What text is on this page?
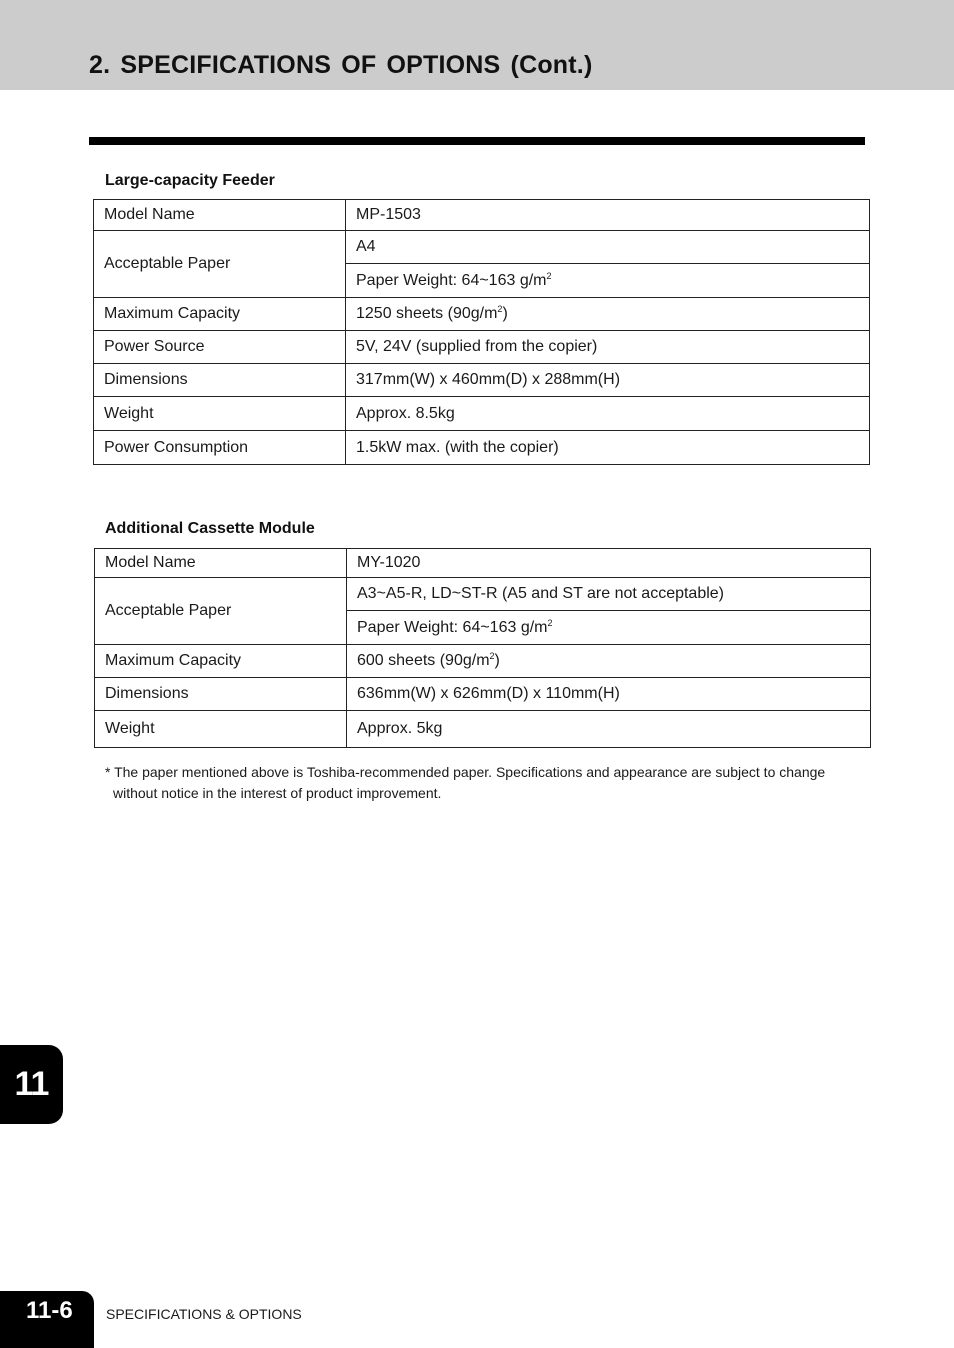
2. SPECIFICATIONS OF OPTIONS (Cont.)
Large-capacity Feeder
Model Name	MP-1503
Acceptable Paper	A4
	Paper Weight: 64~163 $g/m^2$
Maximum Capacity	1250 sheets $(90g/m^2)$
Power Source	5V, 24V (supplied from the copier)
Dimensions	317mm(W) x 460mm(D) x 288mm(H)
Weight	Approx. 8.5kg
Power Consumption	1.5kW max. (with the copier)
Additional Cassette Module
Model Name	MY-1020
Acceptable Paper	A3~A5-R, LD~ST-R (A5 and ST are not acceptable)
	Paper Weight: 64~163 $g/m^2$
Maximum Capacity	600 sheets $(90g/m^2)$
Dimensions	636mm(W) x 626mm(D) x 110mm(H)
Weight	Approx. 5kg

* The paper mentioned above is Toshiba-recommended paper. Specifications and appearance are subject to change
without notice in the interest of product improvement.

11
11-6	SPECIFICATIONS & OPTIONS
